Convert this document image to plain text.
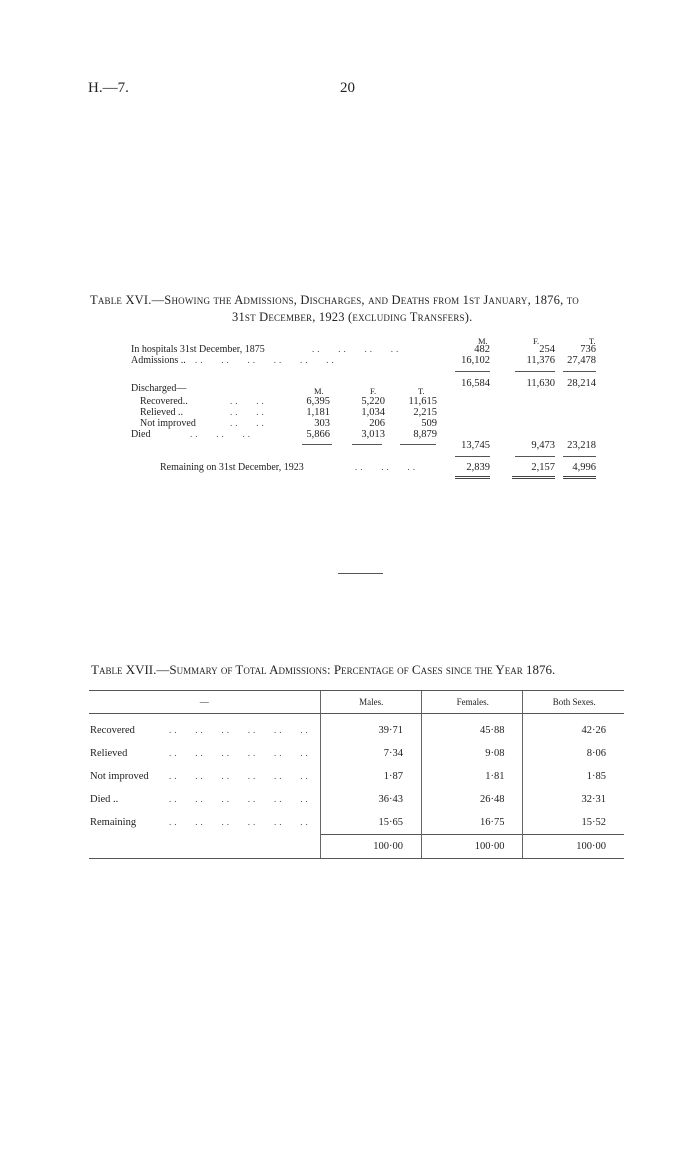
H.—7.	20
Table XVI.—Showing the Admissions, Discharges, and Deaths from 1st January, 1876, to
31st December, 1923 (excluding Transfers).
M.	F.	T.
In hospitals 31st December, 1875	..   ..   ..   ..	482	254	736
Admissions .. ..   ..   ..   ..   ..   ..	16,102	11,376	27,478
16,584	11,630	28,214
Discharged—	M.	F.	T.
Recovered..	..   ..	6,395	5,220	11,615
Relieved ..	..   ..	1,181	1,034	2,215
Not improved	..   ..	303	206	509
Died	..   ..   ..	5,866	3,013	8,879
13,745	9,473	23,218
Remaining on 31st December, 1923	..   ..   ..	2,839	2,157	4,996
Table XVII.—Summary of Total Admissions: Percentage of Cases since the Year 1876.
—	Males.	Females.	Both Sexes.
Recovered ..   ..   ..   ..   ..   ..	39·71	45·88	42·26
Relieved ..   ..   ..   ..   ..   ..	7·34	9·08	8·06
Not improved ..   ..   ..   ..   ..   ..	1·87	1·81	1·85
Died .. ..   ..   ..   ..   ..   ..	36·43	26·48	32·31
Remaining ..   ..   ..   ..   ..   ..	15·65	16·75	15·52
	100·00	100·00	100·00
